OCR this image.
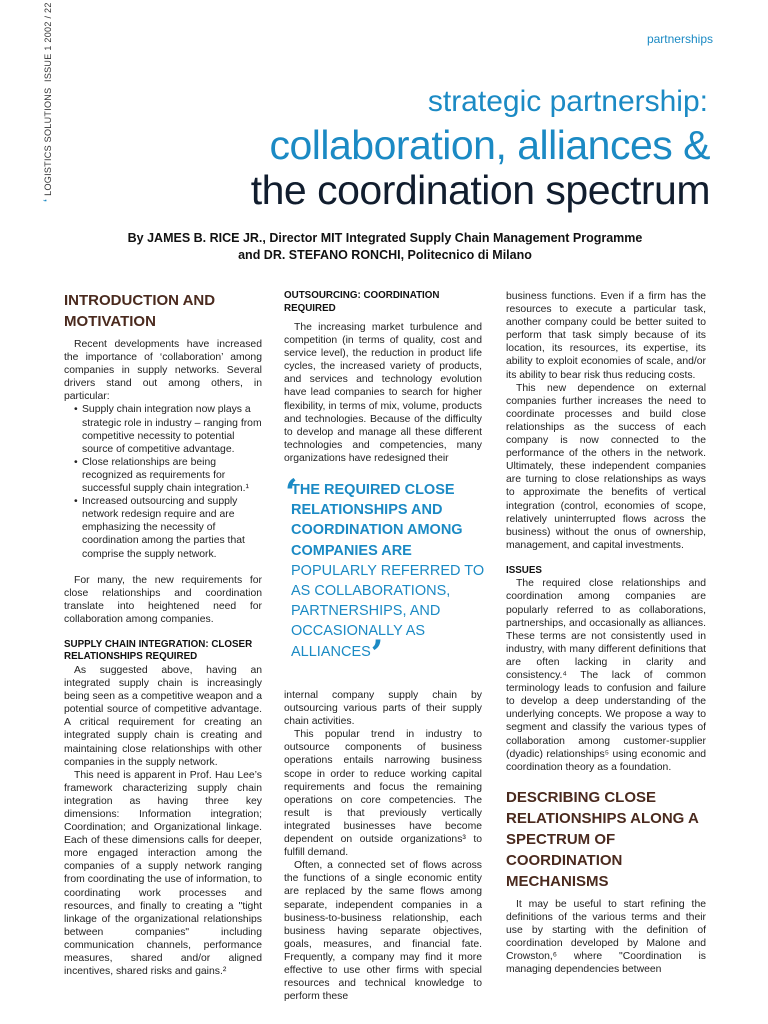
partnerships
‘ LOGISTICS SOLUTIONS  ISSUE 1 2002 / 22
strategic partnership:
collaboration, alliances &
the coordination spectrum
By JAMES B. RICE JR., Director MIT Integrated Supply Chain Management Programme
and DR. STEFANO RONCHI, Politecnico di Milano
INTRODUCTION AND MOTIVATION

Recent developments have increased the importance of ‘collaboration’ among companies in supply networks. Several drivers stand out among others, in particular:

• Supply chain integration now plays a strategic role in industry – ranging from competitive necessity to potential source of competitive advantage.
• Close relationships are being recognized as requirements for successful supply chain integration.¹
• Increased outsourcing and supply network redesign require and are emphasizing the necessity of coordination among the parties that comprise the supply network.

For many, the new requirements for close relationships and coordination translate into heightened need for collaboration among companies.

SUPPLY CHAIN INTEGRATION: CLOSER RELATIONSHIPS REQUIRED

As suggested above, having an integrated supply chain is increasingly being seen as a competitive weapon and a potential source of competitive advantage. A critical requirement for creating an integrated supply chain is creating and maintaining close relationships with other companies in the supply network.

This need is apparent in Prof. Hau Lee’s framework characterizing supply chain integration as having three key dimensions: Information integration; Coordination; and Organizational linkage. Each of these dimensions calls for deeper, more engaged interaction among the companies of a supply network ranging from coordinating the use of information, to coordinating work processes and resources, and finally to creating a "tight linkage of the organizational relationships between companies" including communication channels, performance measures, shared and/or aligned incentives, shared risks and gains.²

OUTSOURCING: COORDINATION REQUIRED

The increasing market turbulence and competition (in terms of quality, cost and service level), the reduction in product life cycles, the increased variety of products, and services and technology evolution have lead companies to search for higher flexibility, in terms of mix, volume, products and technologies. Because of the difficulty to develop and manage all these different technologies and competencies, many organizations have redesigned their

‘
THE REQUIRED CLOSE RELATIONSHIPS AND COORDINATION AMONG COMPANIES ARE POPULARLY REFERRED TO AS COLLABORATIONS, PARTNERSHIPS, AND OCCASIONALLY AS ALLIANCES’

internal company supply chain by outsourcing various parts of their supply chain activities.

This popular trend in industry to outsource components of business operations entails narrowing business scope in order to reduce working capital requirements and focus the remaining operations on core competencies. The result is that previously vertically integrated businesses have become dependent on outside organizations³ to fulfill demand.

Often, a connected set of flows across the functions of a single economic entity are replaced by the same flows among separate, independent companies in a business-to-business relationship, each business having separate objectives, goals, measures, and financial fate. Frequently, a company may find it more effective to use other firms with special resources and technical knowledge to perform these

business functions. Even if a firm has the resources to execute a particular task, another company could be better suited to perform that task simply because of its location, its resources, its expertise, its ability to exploit economies of scale, and/or its ability to bear risk thus reducing costs.

This new dependence on external companies further increases the need to coordinate processes and build close relationships as the success of each company is now connected to the performance of the others in the network. Ultimately, these independent companies are turning to close relationships as ways to approximate the benefits of vertical integration (control, economies of scope, relatively uninterrupted flows across the business) without the onus of ownership, management, and capital investments.

ISSUES

The required close relationships and coordination among companies are popularly referred to as collaborations, partnerships, and occasionally as alliances. These terms are not consistently used in industry, with many different definitions that are often lacking in clarity and consistency.⁴ The lack of common terminology leads to confusion and failure to develop a deep understanding of the underlying concepts. We propose a way to segment and classify the various types of collaboration among customer-supplier (dyadic) relationships⁵ using economic and coordination theory as a foundation.

DESCRIBING CLOSE RELATIONSHIPS ALONG A SPECTRUM OF COORDINATION MECHANISMS

It may be useful to start refining the definitions of the various terms and their use by starting with the definition of coordination developed by Malone and Crowston,⁶ where "Coordination is managing dependencies between
